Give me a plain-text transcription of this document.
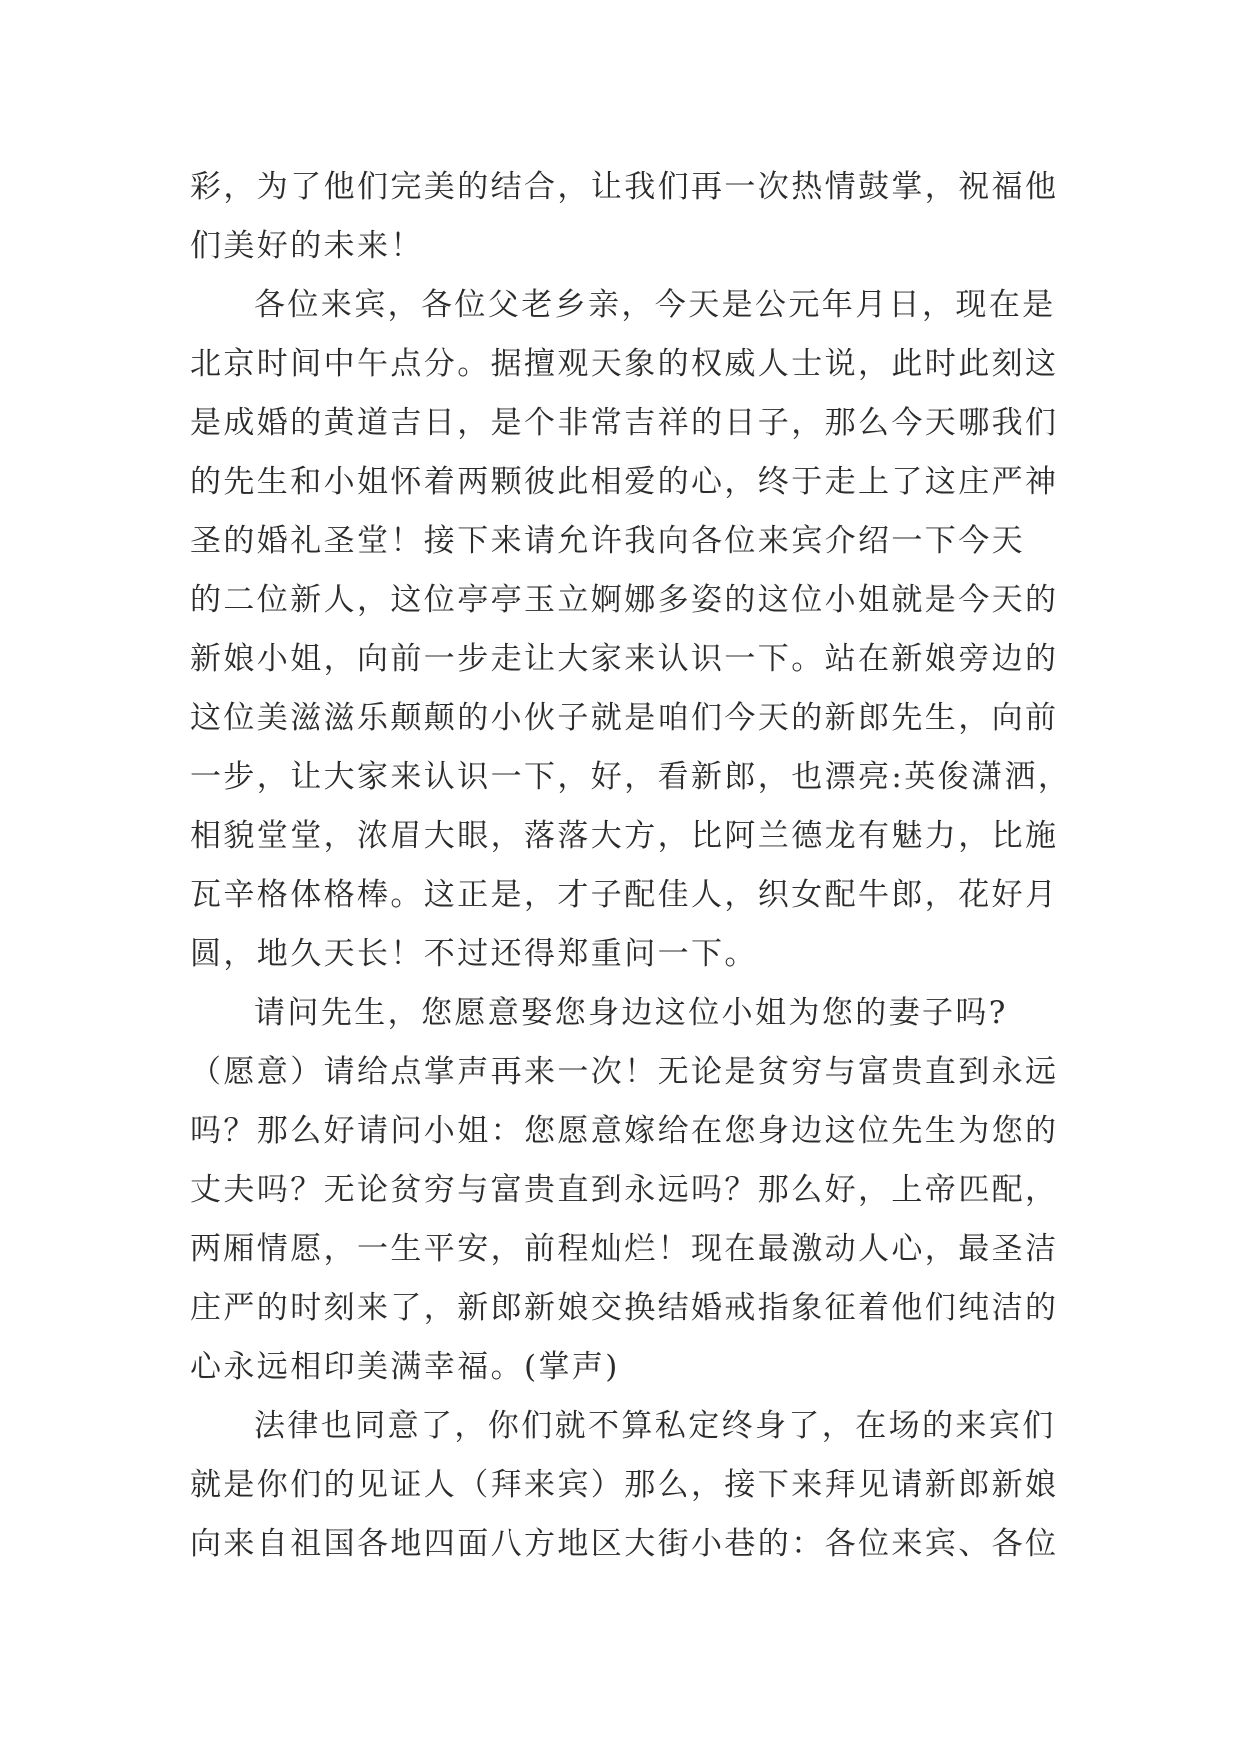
彩，为了他们完美的结合，让我们再一次热情鼓掌，祝福他
们美好的未来！
各位来宾，各位父老乡亲，今天是公元年月日，现在是
北京时间中午点分。据擅观天象的权威人士说，此时此刻这
是成婚的黄道吉日，是个非常吉祥的日子，那么今天哪我们
的先生和小姐怀着两颗彼此相爱的心，终于走上了这庄严神
圣的婚礼圣堂！接下来请允许我向各位来宾介绍一下今天
的二位新人，这位亭亭玉立婀娜多姿的这位小姐就是今天的
新娘小姐，向前一步走让大家来认识一下。站在新娘旁边的
这位美滋滋乐颠颠的小伙子就是咱们今天的新郎先生，向前
一步，让大家来认识一下，好，看新郎，也漂亮:英俊潇洒，
相貌堂堂，浓眉大眼，落落大方，比阿兰德龙有魅力，比施
瓦辛格体格棒。这正是，才子配佳人，织女配牛郎，花好月
圆，地久天长！不过还得郑重问一下。
请问先生，您愿意娶您身边这位小姐为您的妻子吗?
（愿意）请给点掌声再来一次！无论是贫穷与富贵直到永远
吗？那么好请问小姐：您愿意嫁给在您身边这位先生为您的
丈夫吗？无论贫穷与富贵直到永远吗？那么好，上帝匹配，
两厢情愿，一生平安，前程灿烂！现在最激动人心，最圣洁
庄严的时刻来了，新郎新娘交换结婚戒指象征着他们纯洁的
心永远相印美满幸福。(掌声)
法律也同意了，你们就不算私定终身了，在场的来宾们
就是你们的见证人（拜来宾）那么，接下来拜见请新郎新娘
向来自祖国各地四面八方地区大街小巷的：各位来宾、各位
